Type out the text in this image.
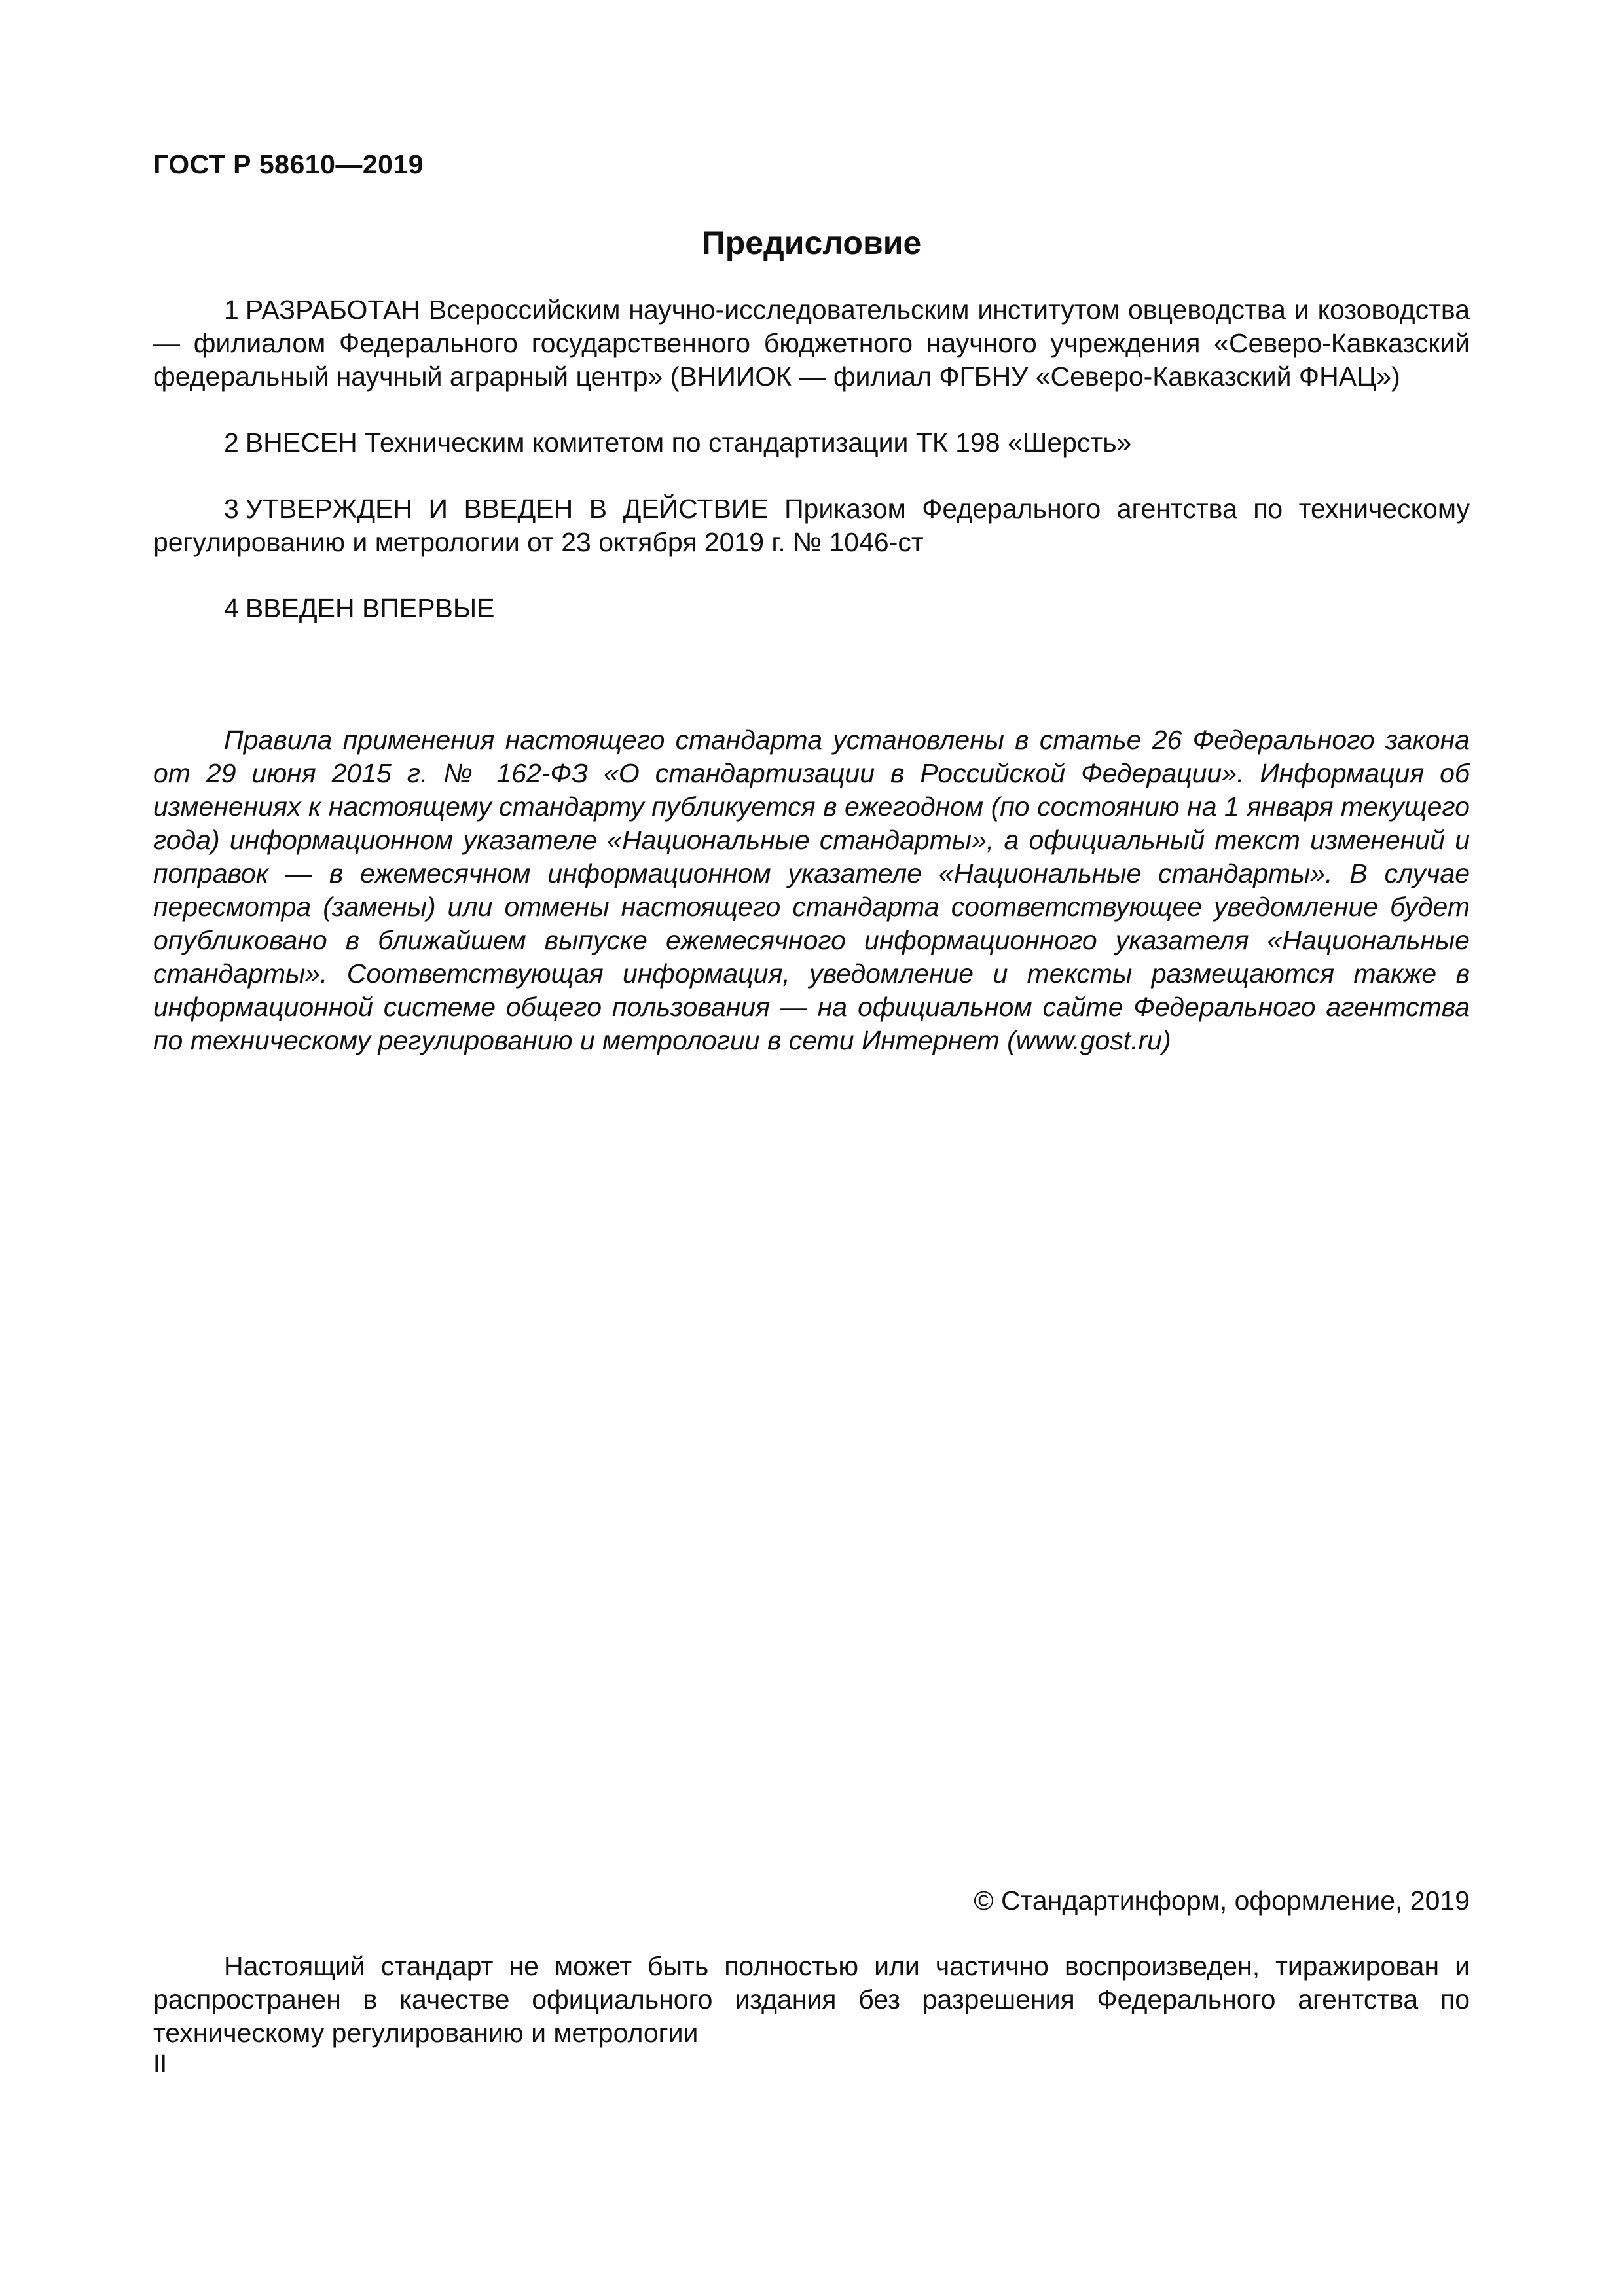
ГОСТ Р 58610—2019
Предисловие

1 РАЗРАБОТАН Всероссийским научно-исследовательским институтом овцеводства и козоводства — филиалом Федерального государственного бюджетного научного учреждения «Северо-Кавказский федеральный научный аграрный центр» (ВНИИОК — филиал ФГБНУ «Северо-Кавказский ФНАЦ»)

2 ВНЕСЕН Техническим комитетом по стандартизации ТК 198 «Шерсть»

3 УТВЕРЖДЕН И ВВЕДЕН В ДЕЙСТВИЕ Приказом Федерального агентства по техническому регулированию и метрологии от 23 октября 2019 г. № 1046-ст

4 ВВЕДЕН ВПЕРВЫЕ

Правила применения настоящего стандарта установлены в статье 26 Федерального закона от 29 июня 2015 г. № 162-ФЗ «О стандартизации в Российской Федерации». Информация об изменениях к настоящему стандарту публикуется в ежегодном (по состоянию на 1 января текущего года) информационном указателе «Национальные стандарты», а официальный текст изменений и поправок — в ежемесячном информационном указателе «Национальные стандарты». В случае пересмотра (замены) или отмены настоящего стандарта соответствующее уведомление будет опубликовано в ближайшем выпуске ежемесячного информационного указателя «Национальные стандарты». Соответствующая информация, уведомление и тексты размещаются также в информационной системе общего пользования — на официальном сайте Федерального агентства по техническому регулированию и метрологии в сети Интернет (www.gost.ru)

© Стандартинформ, оформление, 2019
Настоящий стандарт не может быть полностью или частично воспроизведен, тиражирован и распространен в качестве официального издания без разрешения Федерального агентства по техническому регулированию и метрологии
II
